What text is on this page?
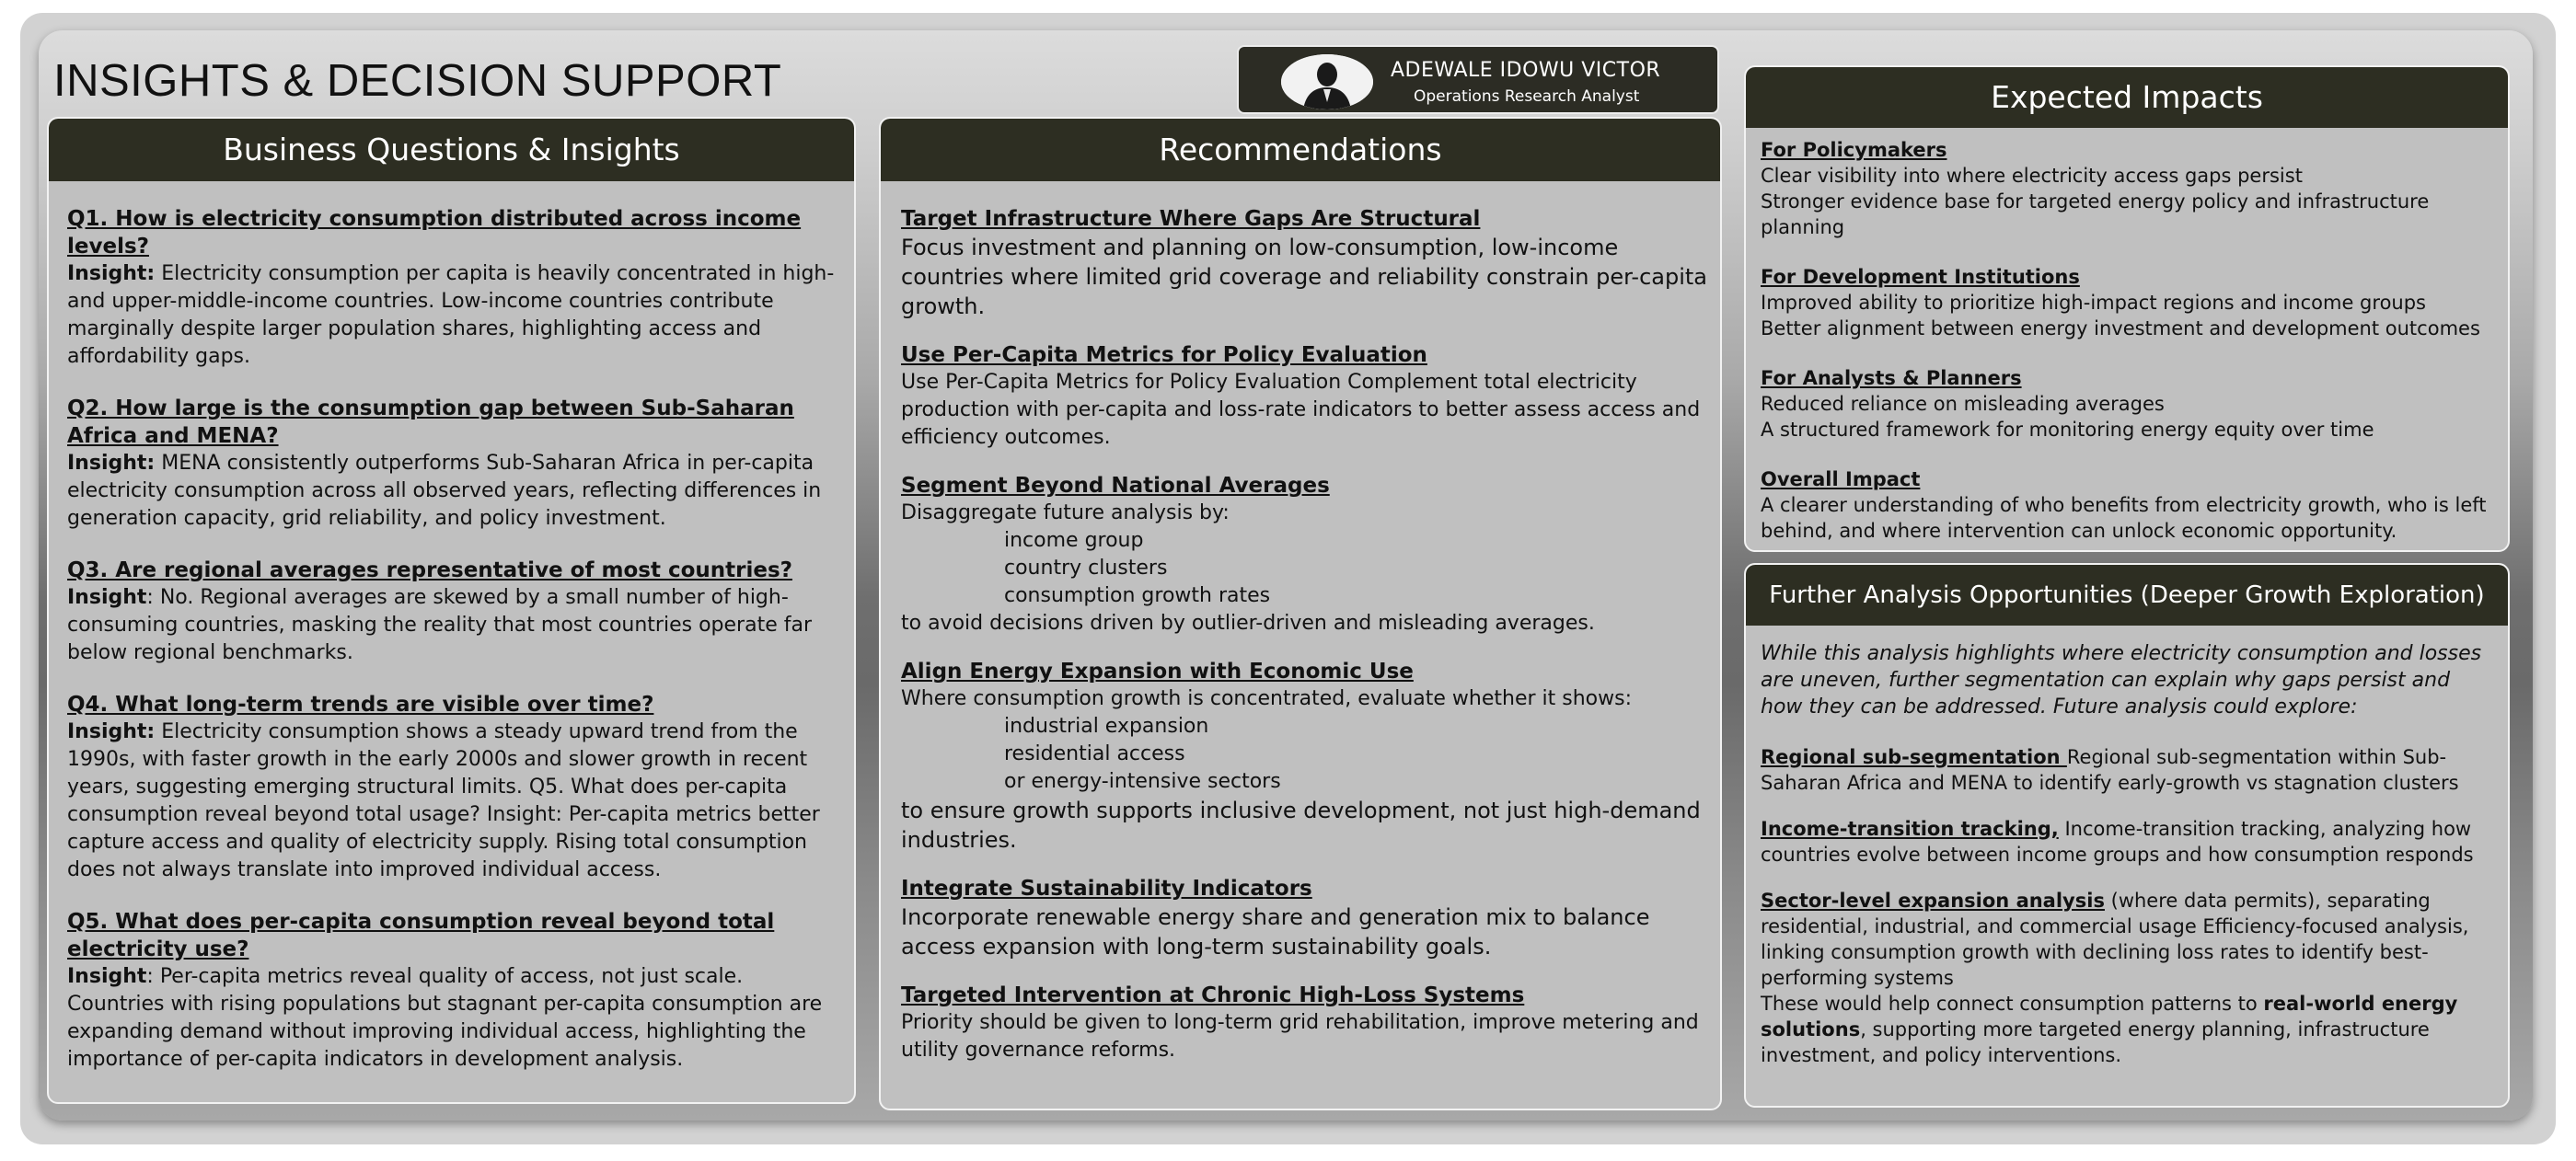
INSIGHTS & DECISION SUPPORT	ADEWALE IDOWU VICTOR
Operations Research Analyst
Business Questions & Insights
Q1. How is electricity consumption distributed across income levels?
Insight: Electricity consumption per capita is heavily concentrated in high- and upper-middle-income countries. Low-income countries contribute marginally despite larger population shares, highlighting access and affordability gaps.
Q2. How large is the consumption gap between Sub-Saharan Africa and MENA?
Insight: MENA consistently outperforms Sub-Saharan Africa in per-capita electricity consumption across all observed years, reflecting differences in generation capacity, grid reliability, and policy investment.
Q3. Are regional averages representative of most countries?
Insight: No. Regional averages are skewed by a small number of high-consuming countries, masking the reality that most countries operate far below regional benchmarks.
Q4. What long-term trends are visible over time?
Insight: Electricity consumption shows a steady upward trend from the 1990s, with faster growth in the early 2000s and slower growth in recent years, suggesting emerging structural limits. Q5. What does per-capita consumption reveal beyond total usage? Insight: Per-capita metrics better capture access and quality of electricity supply. Rising total consumption does not always translate into improved individual access.
Q5. What does per-capita consumption reveal beyond total electricity use?
Insight: Per-capita metrics reveal quality of access, not just scale. Countries with rising populations but stagnant per-capita consumption are expanding demand without improving individual access, highlighting the importance of per-capita indicators in development analysis.
Recommendations
Target Infrastructure Where Gaps Are Structural
Focus investment and planning on low-consumption, low-income countries where limited grid coverage and reliability constrain per-capita growth.
Use Per-Capita Metrics for Policy Evaluation
Use Per-Capita Metrics for Policy Evaluation Complement total electricity production with per-capita and loss-rate indicators to better assess access and efficiency outcomes.
Segment Beyond National Averages
Disaggregate future analysis by:
income group
country clusters
consumption growth rates
to avoid decisions driven by outlier-driven and misleading averages.
Align Energy Expansion with Economic Use
Where consumption growth is concentrated, evaluate whether it shows:
industrial expansion
residential access
or energy-intensive sectors
to ensure growth supports inclusive development, not just high-demand industries.
Integrate Sustainability Indicators
Incorporate renewable energy share and generation mix to balance access expansion with long-term sustainability goals.
Targeted Intervention at Chronic High-Loss Systems
Priority should be given to long-term grid rehabilitation, improve metering and utility governance reforms.
Expected Impacts
For Policymakers
Clear visibility into where electricity access gaps persist
Stronger evidence base for targeted energy policy and infrastructure planning
For Development Institutions
Improved ability to prioritize high-impact regions and income groups
Better alignment between energy investment and development outcomes
For Analysts & Planners
Reduced reliance on misleading averages
A structured framework for monitoring energy equity over time
Overall Impact
A clearer understanding of who benefits from electricity growth, who is left behind, and where intervention can unlock economic opportunity.
Further Analysis Opportunities (Deeper Growth Exploration)
While this analysis highlights where electricity consumption and losses are uneven, further segmentation can explain why gaps persist and how they can be addressed. Future analysis could explore:
Regional sub-segmentation Regional sub-segmentation within Sub-Saharan Africa and MENA to identify early-growth vs stagnation clusters
Income-transition tracking, Income-transition tracking, analyzing how countries evolve between income groups and how consumption responds
Sector-level expansion analysis (where data permits), separating residential, industrial, and commercial usage Efficiency-focused analysis, linking consumption growth with declining loss rates to identify best-performing systems
These would help connect consumption patterns to real-world energy solutions, supporting more targeted energy planning, infrastructure investment, and policy interventions.
